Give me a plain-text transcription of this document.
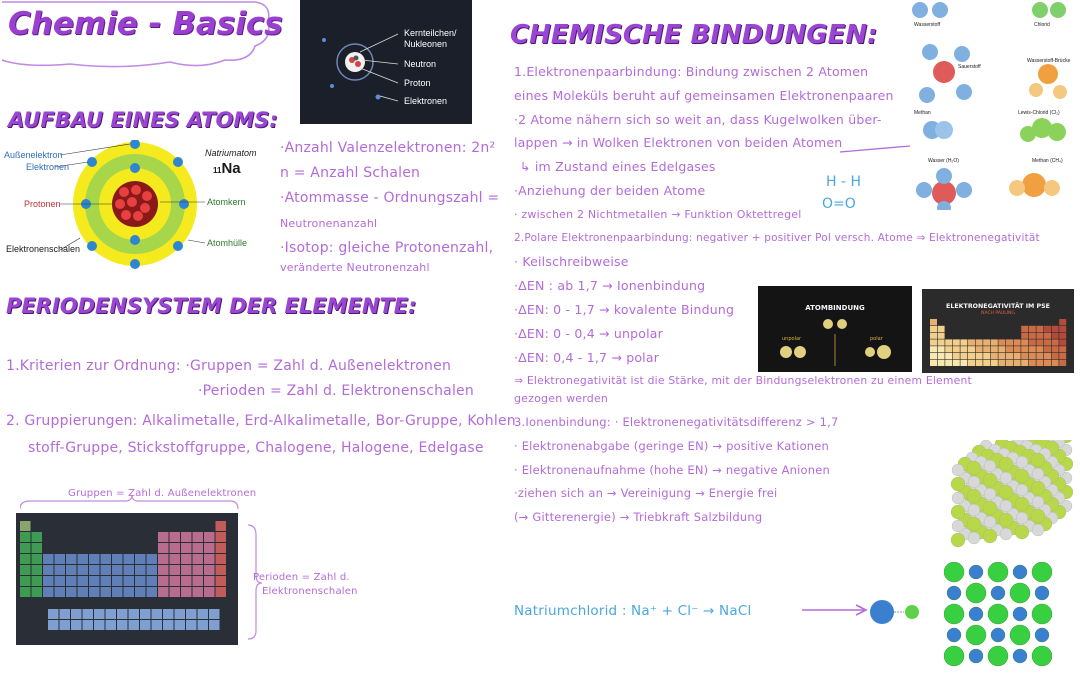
Chemie - Basics	Kernteilchen/ Nukleonen
Neutron
Proton
Elektronen
AUFBAU EINES ATOMS:
Außenelektron
Elektronen
Protonen
Elektronenschalen
Natriumatom
11Na
Atomkern
Atomhülle
·Anzahl Valenzelektronen: 2n²
n = Anzahl Schalen
·Atommasse - Ordnungszahl =
Neutronenanzahl
·Isotop: gleiche Protonenzahl,
veränderte Neutronenzahl
PERIODENSYSTEM DER ELEMENTE:
1.Kriterien zur Ordnung: ·Gruppen = Zahl d. Außenelektronen
·Perioden = Zahl d. Elektronenschalen
2. Gruppierungen: Alkalimetalle, Erd-Alkalimetalle, Bor-Gruppe, Kohlen
stoff-Gruppe, Stickstoffgruppe, Chalogene, Halogene, Edelgase
Gruppen = Zahl d. Außenelektronen
Perioden = Zahl d.
Elektronenschalen
CHEMISCHE BINDUNGEN:
1.Elektronenpaarbindung: Bindung zwischen 2 Atomen
eines Moleküls beruht auf gemeinsamen Elektronenpaaren
·2 Atome nähern sich so weit an, dass Kugelwolken über-
lappen → in Wolken Elektronen von beiden Atomen
↳ im Zustand eines Edelgases
·Anziehung der beiden Atome
· zwischen 2 Nichtmetallen → Funktion Oktettregel
2.Polare Elektronenpaarbindung: negativer + positiver Pol versch. Atome ⇒ Elektronenegativität
· Keilschreibweise
·ΔEN : ab 1,7 → Ionenbindung
·ΔEN: 0 - 1,7 → kovalente Bindung
·ΔEN: 0 - 0,4 → unpolar
·ΔEN: 0,4 - 1,7 → polar
⇒ Elektronegativität ist die Stärke, mit der Bindungselektronen zu einem Element
gezogen werden
3.Ionenbindung: · Elektronenegativitätsdifferenz > 1,7
· Elektronenabgabe (geringe EN) → positive Kationen
· Elektronenaufnahme (hohe EN) → negative Anionen
·ziehen sich an → Vereinigung → Energie frei
(→ Gitterenergie) → Triebkraft Salzbildung
Natriumchlorid : Na⁺ + Cl⁻ → NaCl
H - H
O=O
Wasserstoff	Chlorid
Sauerstoff
Wasserstoff-Brücke
Methan	Lewis-Chlorid (Cl₂)
Wasser (H₂O)	Methan (CH₄)
ATOMBINDUNG
unpolar	polar
ELEKTRONEGATIVITÄT IM PSE
NACH PAULING
